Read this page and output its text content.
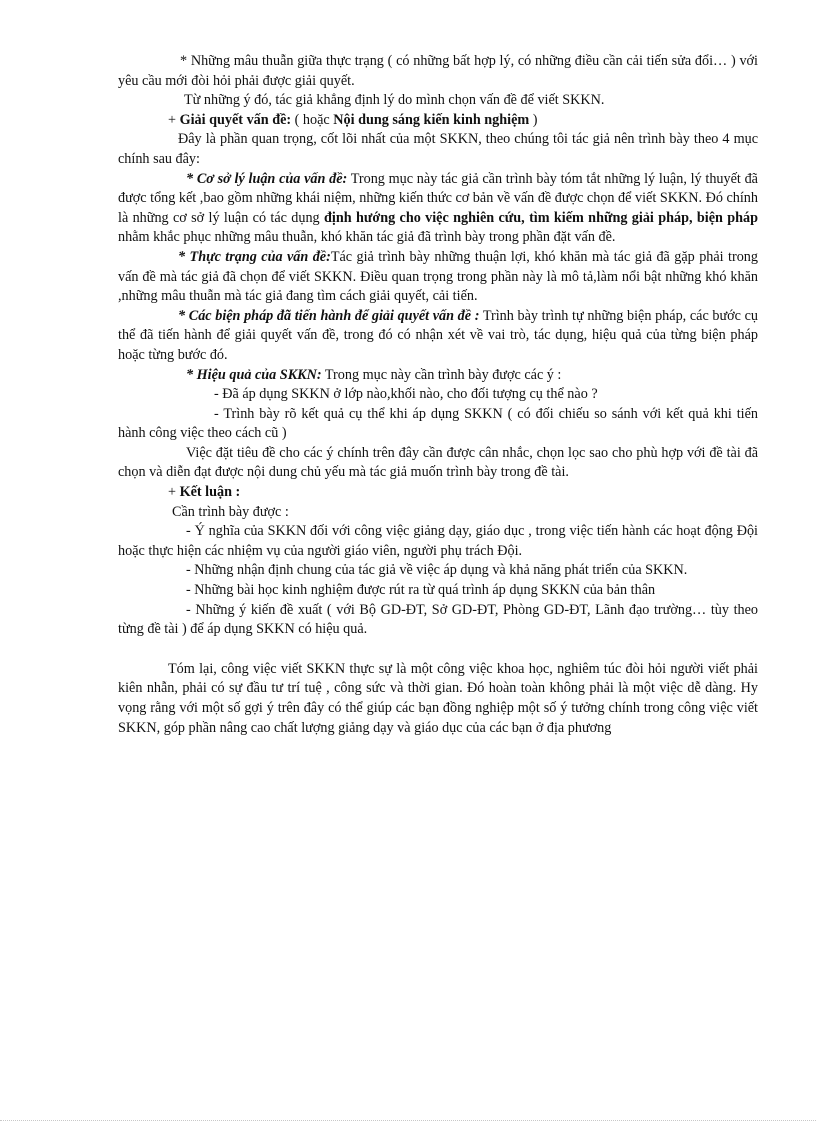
* Những mâu thuẫn giữa thực trạng ( có những bất hợp lý, có những điều cần cải tiến sửa đổi… ) với yêu cầu mới đòi hỏi phải được giải quyết.

Từ những ý đó, tác giả khẳng định lý do mình chọn vấn đề để viết SKKN.

+ Giải quyết vấn đề: ( hoặc Nội dung sáng kiến kinh nghiệm )

Đây là phần quan trọng, cốt lõi nhất của một SKKN, theo chúng tôi tác giả nên trình bày theo 4 mục chính sau đây:

* Cơ sở lý luận của vấn đề: Trong mục này tác giả cần trình bày tóm tắt những lý luận, lý thuyết đã được tổng kết ,bao gồm những khái niệm, những kiến thức cơ bản về vấn đề được chọn để viết SKKN. Đó chính là những cơ sở lý luận có tác dụng định hướng cho việc nghiên cứu, tìm kiếm những giải pháp, biện pháp nhằm khắc phục những mâu thuẫn, khó khăn tác giả đã trình bày trong phần đặt vấn đề.

* Thực trạng của vấn đề:Tác giả trình bày những thuận lợi, khó khăn mà tác giả đã gặp phải trong vấn đề mà tác giả đã chọn để viết SKKN. Điều quan trọng trong phần này là mô tả,làm nổi bật những khó khăn ,những mâu thuẫn mà tác giả đang tìm cách giải quyết, cải tiến.

* Các biện pháp đã tiến hành để giải quyết vấn đề : Trình bày trình tự những biện pháp, các bước cụ thể đã tiến hành để giải quyết vấn đề, trong đó có nhận xét về vai trò, tác dụng, hiệu quả của từng biện pháp hoặc từng bước đó.

* Hiệu quả của SKKN: Trong mục này cần trình bày được các ý :

- Đã áp dụng SKKN ở lớp nào,khối nào, cho đối tượng cụ thể nào ?

- Trình bày rõ kết quả cụ thể khi áp dụng SKKN ( có đối chiếu so sánh với kết quả khi tiến hành công việc theo cách cũ )

Việc đặt tiêu đề cho các ý chính trên đây cần được cân nhắc, chọn lọc sao cho phù hợp với đề tài đã chọn và diễn đạt được nội dung chủ yếu mà tác giả muốn trình bày trong đề tài.

+ Kết luận :

Cần trình bày được :

- Ý nghĩa của SKKN đối với công việc giảng dạy, giáo dục , trong việc tiến hành các hoạt động Đội hoặc thực hiện các nhiệm vụ của người giáo viên, người phụ trách Đội.

- Những nhận định chung của tác giả về việc áp dụng và khả năng phát triển của SKKN.

- Những bài học kinh nghiệm được rút ra từ quá trình áp dụng SKKN của bản thân

- Những ý kiến đề xuất ( với Bộ GD-ĐT, Sở GD-ĐT, Phòng GD-ĐT, Lãnh đạo trường… tùy theo từng đề tài ) để áp dụng SKKN có hiệu quả.

Tóm lại, công việc viết SKKN thực sự là một công việc khoa học, nghiêm túc đòi hỏi người viết phải kiên nhẫn, phải có sự đầu tư trí tuệ , công sức và thời gian. Đó hoàn toàn không phải là một việc dễ dàng. Hy vọng rằng với một số gợi ý trên đây có thể giúp các bạn đồng nghiệp một số ý tưởng chính trong công việc viết SKKN, góp phần nâng cao chất lượng giảng dạy và giáo dục của các bạn ở địa phương
